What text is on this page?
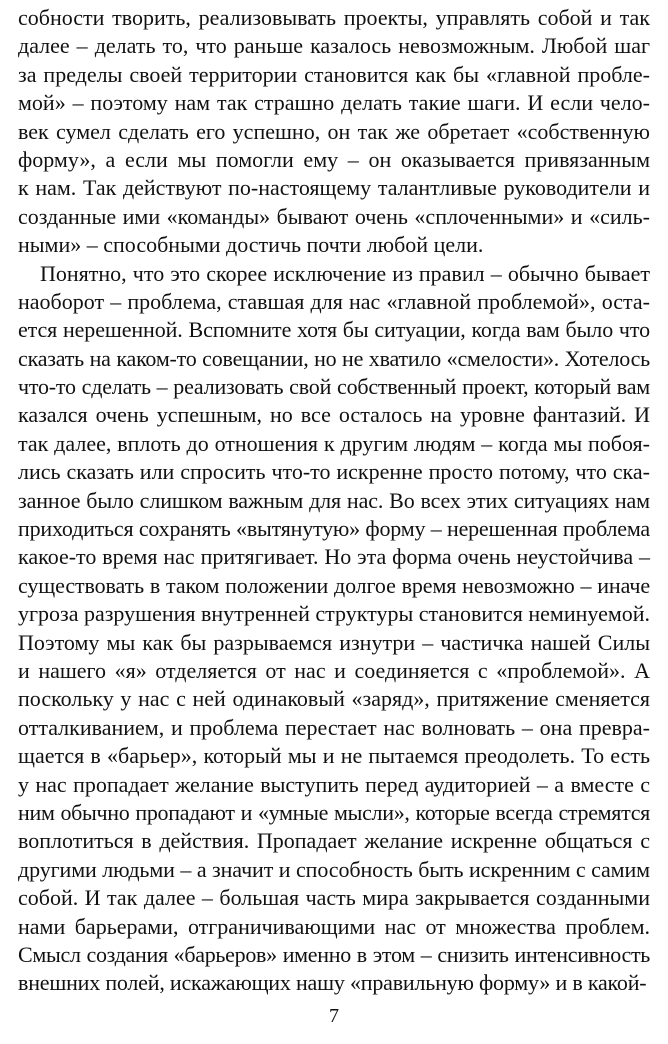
собности творить, реализовывать проекты, управлять собой и так
далее – делать то, что раньше казалось невозможным. Любой шаг
за пределы своей территории становится как бы «главной пробле-
мой» – поэтому нам так страшно делать такие шаги. И если чело-
век сумел сделать его успешно, он так же обретает «собственную
форму», а если мы помогли ему – он оказывается привязанным
к нам. Так действуют по-настоящему талантливые руководители и
созданные ими «команды» бывают очень «сплоченными» и «силь-
ными» – способными достичь почти любой цели.
Понятно, что это скорее исключение из правил – обычно бывает
наоборот – проблема, ставшая для нас «главной проблемой», оста-
ется нерешенной. Вспомните хотя бы ситуации, когда вам было что
сказать на каком-то совещании, но не хватило «смелости». Хотелось
что-то сделать – реализовать свой собственный проект, который вам
казался очень успешным, но все осталось на уровне фантазий. И
так далее, вплоть до отношения к другим людям – когда мы побоя-
лись сказать или спросить что-то искренне просто потому, что ска-
занное было слишком важным для нас. Во всех этих ситуациях нам
приходиться сохранять «вытянутую» форму – нерешенная проблема
какое-то время нас притягивает. Но эта форма очень неустойчива –
существовать в таком положении долгое время невозможно – иначе
угроза разрушения внутренней структуры становится неминуемой.
Поэтому мы как бы разрываемся изнутри – частичка нашей Силы
и нашего «я» отделяется от нас и соединяется с «проблемой». А
поскольку у нас с ней одинаковый «заряд», притяжение сменяется
отталкиванием, и проблема перестает нас волновать – она превра-
щается в «барьер», который мы и не пытаемся преодолеть. То есть
у нас пропадает желание выступить перед аудиторией – а вместе с
ним обычно пропадают и «умные мысли», которые всегда стремятся
воплотиться в действия. Пропадает желание искренне общаться с
другими людьми – а значит и способность быть искренним с самим
собой. И так далее – большая часть мира закрывается созданными
нами барьерами, отграничивающими нас от множества проблем.
Смысл создания «барьеров» именно в этом – снизить интенсивность
внешних полей, искажающих нашу «правильную форму» и в какой-
7
